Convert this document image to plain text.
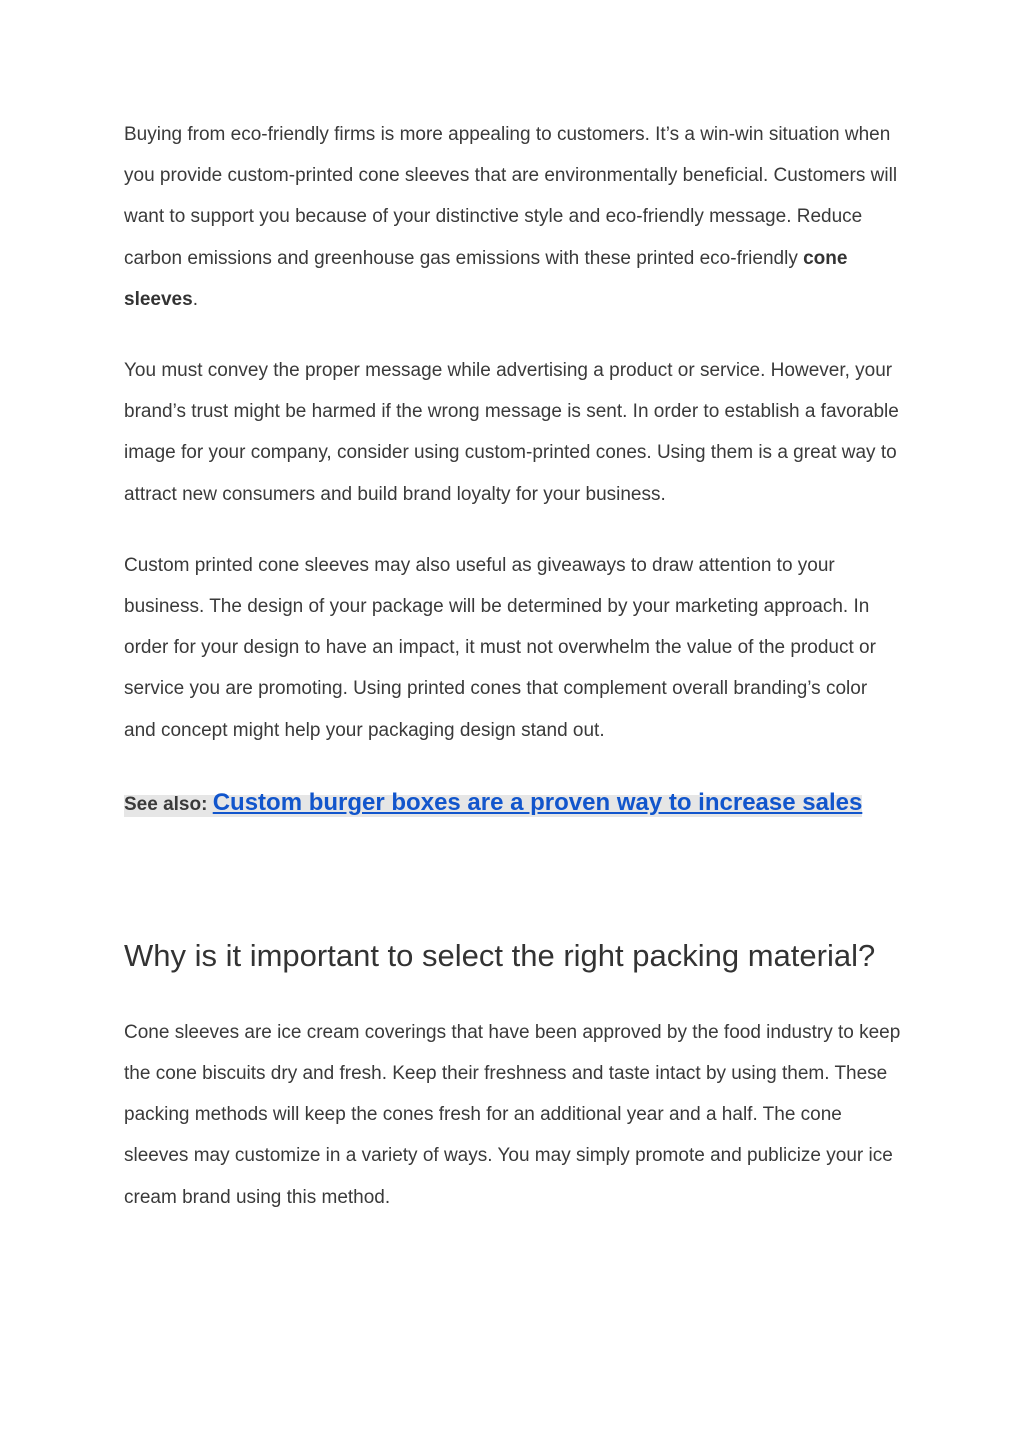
Buying from eco-friendly firms is more appealing to customers. It’s a win-win situation when you provide custom-printed cone sleeves that are environmentally beneficial. Customers will want to support you because of your distinctive style and eco-friendly message. Reduce carbon emissions and greenhouse gas emissions with these printed eco-friendly cone sleeves.

You must convey the proper message while advertising a product or service. However, your brand’s trust might be harmed if the wrong message is sent. In order to establish a favorable image for your company, consider using custom-printed cones. Using them is a great way to attract new consumers and build brand loyalty for your business.

Custom printed cone sleeves may also useful as giveaways to draw attention to your business. The design of your package will be determined by your marketing approach. In order for your design to have an impact, it must not overwhelm the value of the product or service you are promoting. Using printed cones that complement overall branding’s color and concept might help your packaging design stand out.

See also: Custom burger boxes are a proven way to increase sales

Why is it important to select the right packing material?

Cone sleeves are ice cream coverings that have been approved by the food industry to keep the cone biscuits dry and fresh. Keep their freshness and taste intact by using them. These packing methods will keep the cones fresh for an additional year and a half. The cone sleeves may customize in a variety of ways. You may simply promote and publicize your ice cream brand using this method.
